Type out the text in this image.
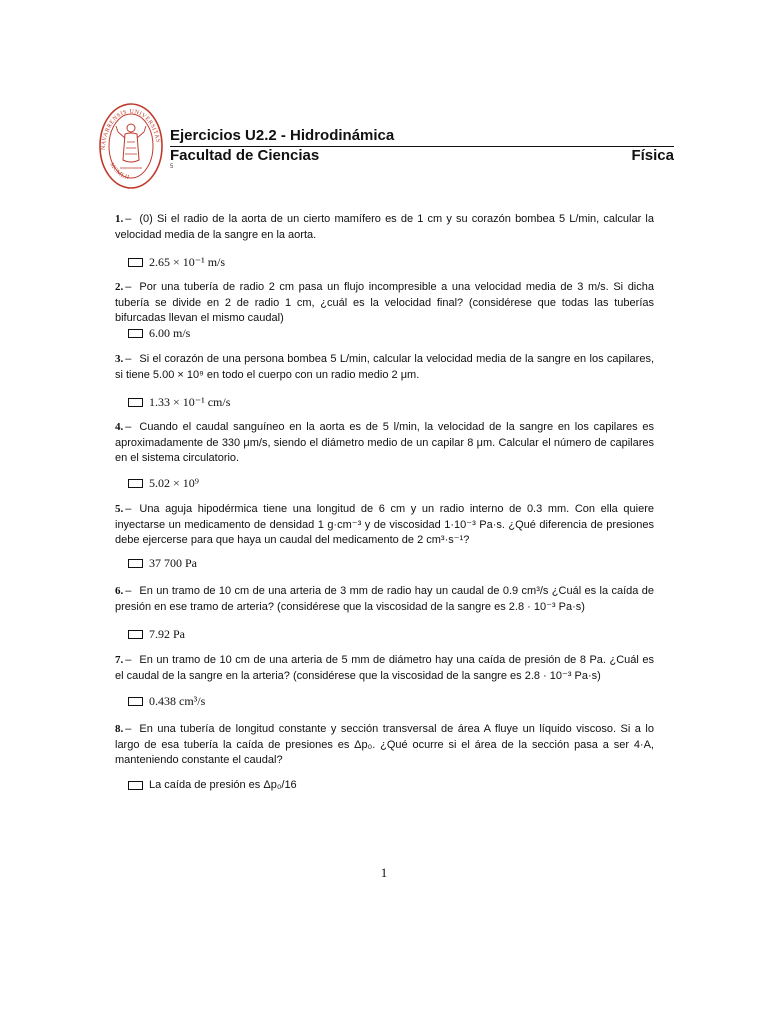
NAVARRENSIS UNIVERSITAS
MCMLII
Ejercicios U2.2 - Hidrodinámica
Facultad de Ciencias	Física
5
1. – (0) Si el radio de la aorta de un cierto mamífero es de 1 cm y su corazón bombea 5 L/min, calcular la velocidad media de la sangre en la aorta.
2.65 × 10⁻¹ m/s
2. – Por una tubería de radio 2 cm pasa un flujo incompresible a una velocidad media de 3 m/s. Si dicha tubería se divide en 2 de radio 1 cm, ¿cuál es la velocidad final? (considérese que todas las tuberías bifurcadas llevan el mismo caudal)
6.00 m/s
3. – Si el corazón de una persona bombea 5 L/min, calcular la velocidad media de la sangre en los capilares, si tiene 5.00 × 10⁹ en todo el cuerpo con un radio medio 2 μm.
1.33 × 10⁻¹ cm/s
4. – Cuando el caudal sanguíneo en la aorta es de 5 l/min, la velocidad de la sangre en los capilares es aproximadamente de 330 μm/s, siendo el diámetro medio de un capilar 8 μm. Calcular el número de capilares en el sistema circulatorio.
5.02 × 10⁹
5. – Una aguja hipodérmica tiene una longitud de 6 cm y un radio interno de 0.3 mm. Con ella quiere inyectarse un medicamento de densidad 1 g·cm⁻³ y de viscosidad 1·10⁻³ Pa·s. ¿Qué diferencia de presiones debe ejercerse para que haya un caudal del medicamento de 2 cm³·s⁻¹?
37 700 Pa
6. – En un tramo de 10 cm de una arteria de 3 mm de radio hay un caudal de 0.9 cm³/s ¿Cuál es la caída de presión en ese tramo de arteria? (considérese que la viscosidad de la sangre es 2.8 · 10⁻³ Pa·s)
7.92 Pa
7. – En un tramo de 10 cm de una arteria de 5 mm de diámetro hay una caída de presión de 8 Pa. ¿Cuál es el caudal de la sangre en la arteria? (considérese que la viscosidad de la sangre es 2.8 · 10⁻³ Pa·s)
0.438 cm³/s
8. – En una tubería de longitud constante y sección transversal de área A fluye un líquido viscoso. Si a lo largo de esa tubería la caída de presiones es Δp₀. ¿Qué ocurre si el área de la sección pasa a ser 4·A, manteniendo constante el caudal?
La caída de presión es Δp₀/16
1
